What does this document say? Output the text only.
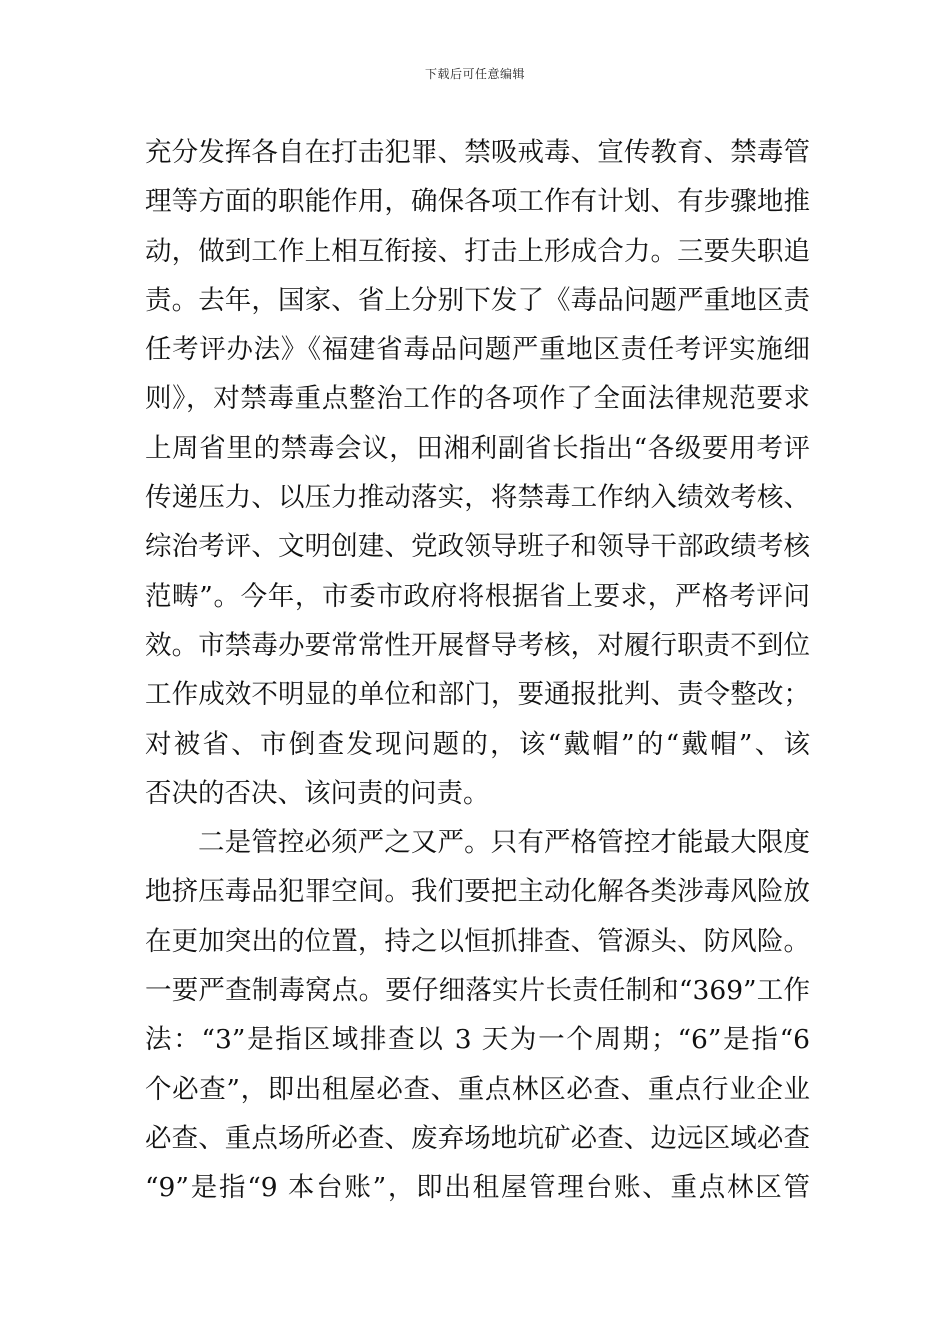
下载后可任意编辑
充分发挥各自在打击犯罪、禁吸戒毒、宣传教育、禁毒管
理等方面的职能作用，确保各项工作有计划、有步骤地推
动，做到工作上相互衔接、打击上形成合力。三要失职追
责。去年，国家、省上分别下发了《毒品问题严重地区责
任考评办法》《福建省毒品问题严重地区责任考评实施细
则》，对禁毒重点整治工作的各项作了全面法律规范要求
上周省里的禁毒会议，田湘利副省长指出“各级要用考评
传递压力、以压力推动落实，将禁毒工作纳入绩效考核、
综治考评、文明创建、党政领导班子和领导干部政绩考核
范畴”。今年，市委市政府将根据省上要求，严格考评问
效。市禁毒办要常常性开展督导考核，对履行职责不到位
工作成效不明显的单位和部门，要通报批判、责令整改；
对被省、市倒查发现问题的，该“戴帽”的“戴帽”、该
否决的否决、该问责的问责。
二是管控必须严之又严。只有严格管控才能最大限度
地挤压毒品犯罪空间。我们要把主动化解各类涉毒风险放
在更加突出的位置，持之以恒抓排查、管源头、防风险。
一要严查制毒窝点。要仔细落实片长责任制和“369”工作
法：“3”是指区域排查以 3 天为一个周期；“6”是指“6
个必查”，即出租屋必查、重点林区必查、重点行业企业
必查、重点场所必查、废弃场地坑矿必查、边远区域必查
“9”是指“9 本台账”，即出租屋管理台账、重点林区管
